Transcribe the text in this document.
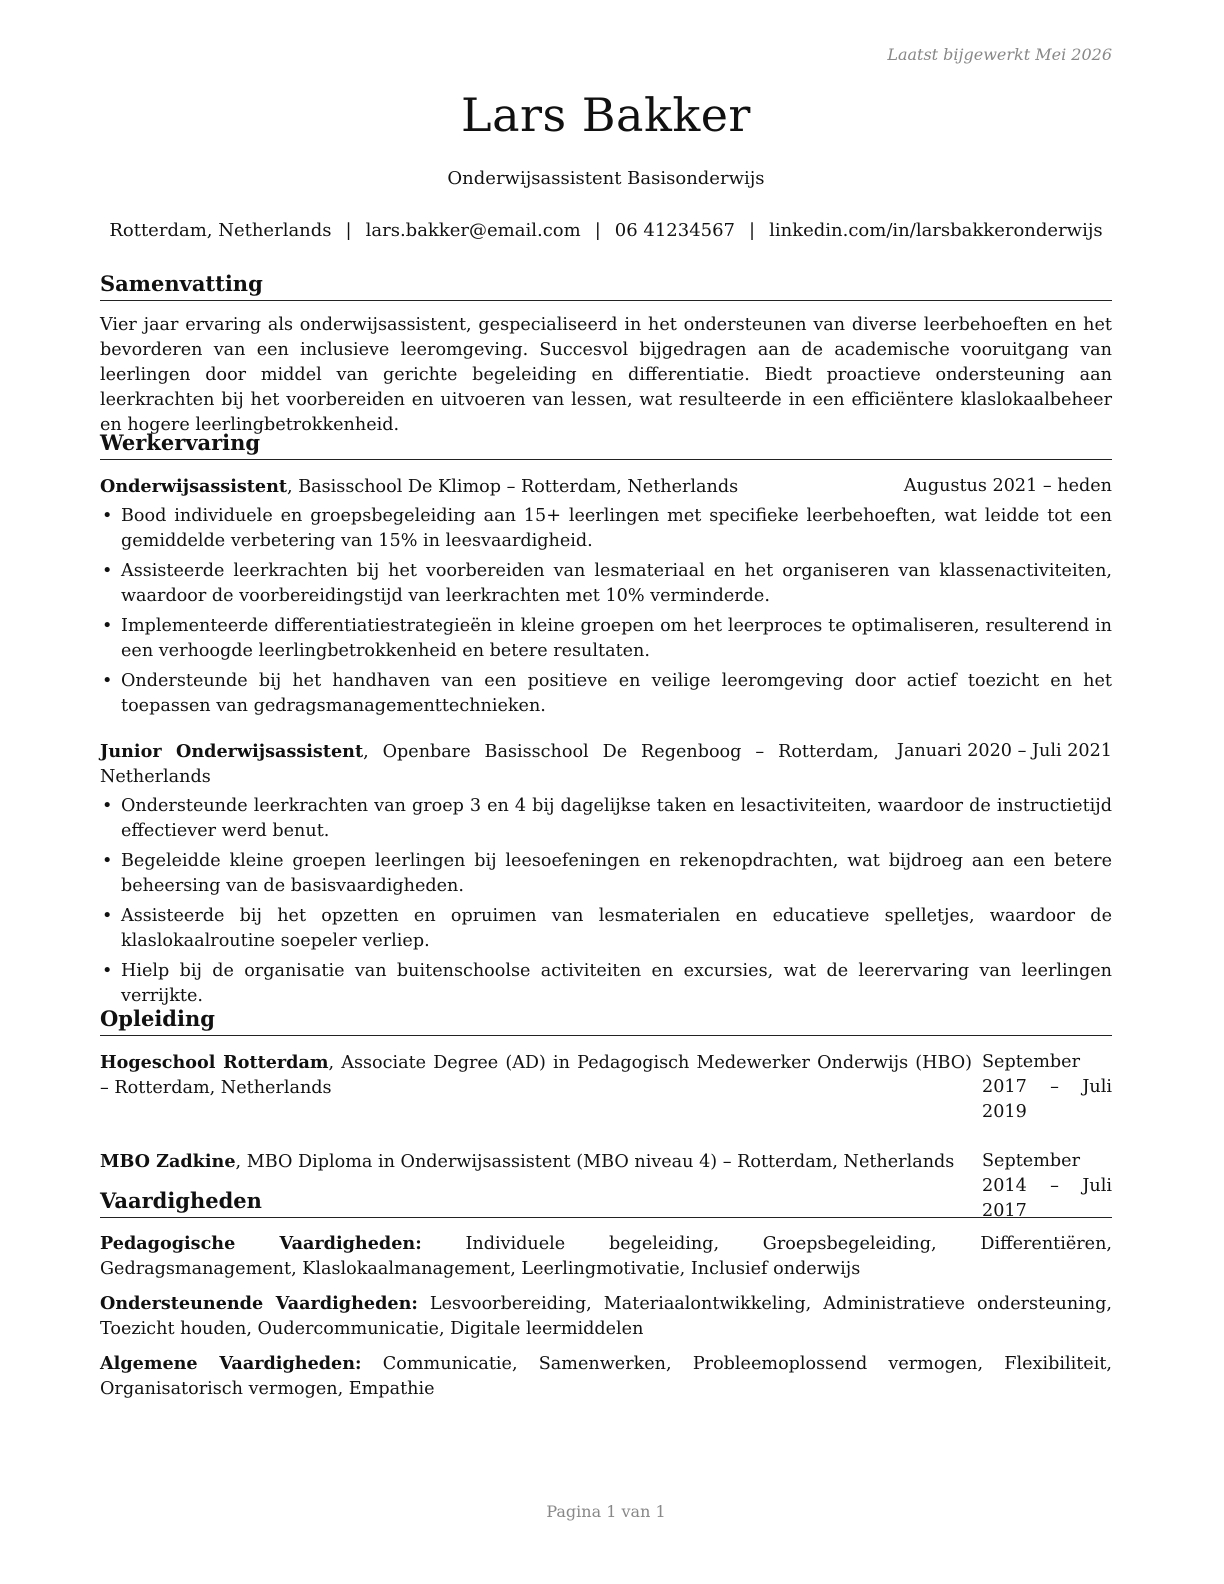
Laatst bijgewerkt Mei 2026
Lars Bakker
Onderwijsassistent Basisonderwijs
Rotterdam, Netherlands | lars.bakker@email.com | 06 41234567 | linkedin.com/in/larsbakkeronderwijs
Samenvatting

Vier jaar ervaring als onderwijsassistent, gespecialiseerd in het ondersteunen van diverse leerbehoeften en het bevorderen van een inclusieve leeromgeving. Succesvol bijgedragen aan de academische vooruitgang van leerlingen door middel van gerichte begeleiding en differentiatie. Biedt proactieve ondersteuning aan leerkrachten bij het voorbereiden en uitvoeren van lessen, wat resulteerde in een efficiëntere klaslokaalbeheer en hogere leerlingbetrokkenheid.

Werkervaring
Onderwijsassistent, Basisschool De Klimop – Rotterdam, Netherlands	Augustus 2021 – heden
• Bood individuele en groepsbegeleiding aan 15+ leerlingen met specifieke leerbehoeften, wat leidde tot een gemiddelde verbetering van 15% in leesvaardigheid.
• Assisteerde leerkrachten bij het voorbereiden van lesmateriaal en het organiseren van klassenactiviteiten, waardoor de voorbereidingstijd van leerkrachten met 10% verminderde.
• Implementeerde differentiatiestrategieën in kleine groepen om het leerproces te optimaliseren, resulterend in een verhoogde leerlingbetrokkenheid en betere resultaten.
• Ondersteunde bij het handhaven van een positieve en veilige leeromgeving door actief toezicht en het toepassen van gedragsmanagementtechnieken.
Junior Onderwijsassistent, Openbare Basisschool De Regenboog – Rotterdam, Netherlands
Januari 2020 – Juli 2021
• Ondersteunde leerkrachten van groep 3 en 4 bij dagelijkse taken en lesactiviteiten, waardoor de instructietijd effectiever werd benut.
• Begeleidde kleine groepen leerlingen bij leesoefeningen en rekenopdrachten, wat bijdroeg aan een betere beheersing van de basisvaardigheden.
• Assisteerde bij het opzetten en opruimen van lesmaterialen en educatieve spelletjes, waardoor de klaslokaalroutine soepeler verliep.
• Hielp bij de organisatie van buitenschoolse activiteiten en excursies, wat de leerervaring van leerlingen verrijkte.
Opleiding
Hogeschool Rotterdam, Associate Degree (AD) in Pedagogisch Medewerker Onderwijs (HBO) – Rotterdam, Netherlands
September 2017 – Juli 2019
MBO Zadkine, MBO Diploma in Onderwijsassistent (MBO niveau 4) – Rotterdam, Netherlands	September 2014 – Juli 2017
Vaardigheden
Pedagogische Vaardigheden: Individuele begeleiding, Groepsbegeleiding, Differentiëren, Gedragsmanagement, Klaslokaalmanagement, Leerlingmotivatie, Inclusief onderwijs
Ondersteunende Vaardigheden: Lesvoorbereiding, Materiaalontwikkeling, Administratieve ondersteuning, Toezicht houden, Oudercommunicatie, Digitale leermiddelen
Algemene Vaardigheden: Communicatie, Samenwerken, Probleemoplossend vermogen, Flexibiliteit, Organisatorisch vermogen, Empathie
Pagina 1 van 1
